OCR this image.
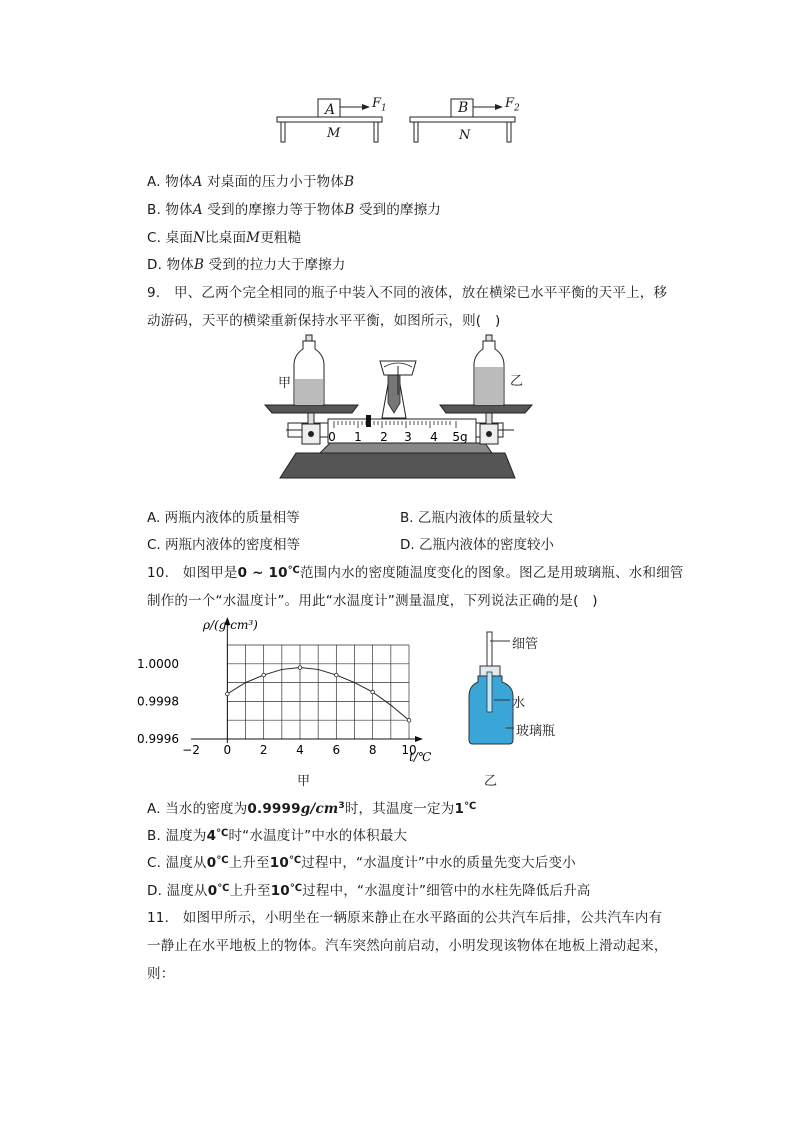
A	B
$F_1$	$F_2$
M	N
A. 物体A 对桌面的压力小于物体B
B. 物体A 受到的摩擦力等于物体B 受到的摩擦力
C. 桌面N比桌面M更粗糙
D. 物体B 受到的拉力大于摩擦力
9.　甲、乙两个完全相同的瓶子中装入不同的液体，放在横梁已水平平衡的天平上，移
动游码，天平的横梁重新保持水平平衡，如图所示，则(　)
0 1 2 3 4 5g
甲	乙
A. 两瓶内液体的质量相等	B. 乙瓶内液体的质量较大
C. 两瓶内液体的密度相等	D. 乙瓶内液体的密度较小
10.　如图甲是0 ~ 10℃范围内水的密度随温度变化的图象。图乙是用玻璃瓶、水和细管
制作的一个“水温度计”。用此“水温度计”测量温度，下列说法正确的是(　)
−2 0 2 4 6 8 10
1.0000
0.9998
0.9996
ρ/(g·cm³)
t/℃
甲
细管
水
玻璃瓶
乙
A. 当水的密度为$0.9999g/cm^3$时，其温度一定为1℃
B. 温度为4℃时“水温度计”中水的体积最大
C. 温度从0℃上升至10℃过程中，“水温度计”中水的质量先变大后变小
D. 温度从0℃上升至10℃过程中，“水温度计”细管中的水柱先降低后升高
11.　如图甲所示，小明坐在一辆原来静止在水平路面的公共汽车后排，公共汽车内有
一静止在水平地板上的物体。汽车突然向前启动，小明发现该物体在地板上滑动起来，
则：
